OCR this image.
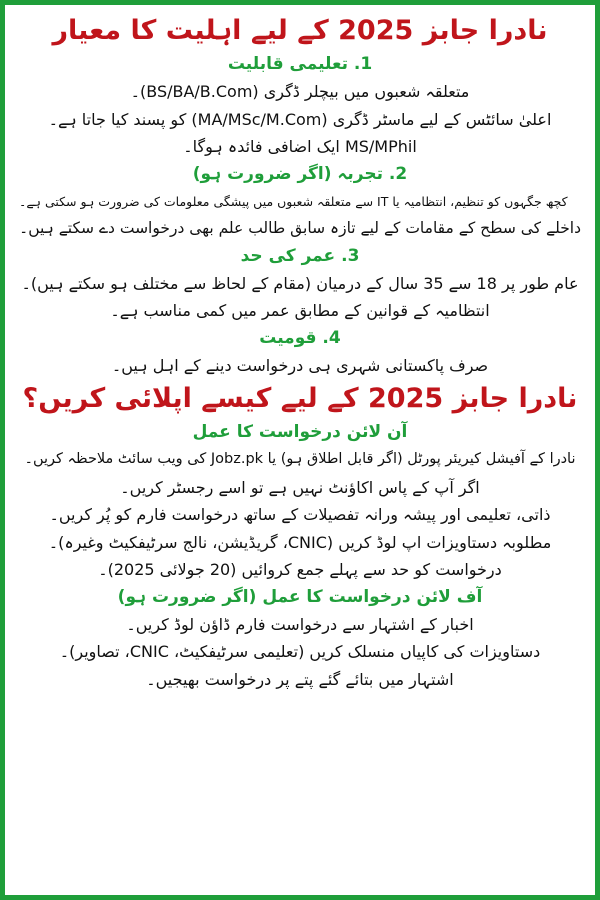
نادرا جابز 2025 کے لیے اہلیت کا معیار
1. تعلیمی قابلیت

متعلقہ شعبوں میں بیچلر ڈگری (BS/BA/B.Com)۔

اعلیٰ سائٹس کے لیے ماسٹر ڈگری (MA/MSc/M.Com) کو پسند کیا جاتا ہے۔

MS/MPhil ایک اضافی فائدہ ہوگا۔

2. تجربہ (اگر ضرورت ہو)

کچھ جگہوں کو تنظیم، انتظامیہ یا IT سے متعلقہ شعبوں میں پیشگی معلومات کی ضرورت ہو سکتی ہے۔

داخلے کی سطح کے مقامات کے لیے تازہ سابق طالب علم بھی درخواست دے سکتے ہیں۔

3. عمر کی حد

عام طور پر 18 سے 35 سال کے درمیان (مقام کے لحاظ سے مختلف ہو سکتے ہیں)۔

انتظامیہ کے قوانین کے مطابق عمر میں کمی مناسب ہے۔

4. قومیت

صرف پاکستانی شہری ہی درخواست دینے کے اہل ہیں۔

نادرا جابز 2025 کے لیے کیسے اپلائی کریں؟
آن لائن درخواست کا عمل

نادرا کے آفیشل کیریئر پورٹل (اگر قابل اطلاق ہو) یا Jobz.pk کی ویب سائٹ ملاحظہ کریں۔

اگر آپ کے پاس اکاؤنٹ نہیں ہے تو اسے رجسٹر کریں۔

ذاتی، تعلیمی اور پیشہ ورانہ تفصیلات کے ساتھ درخواست فارم کو پُر کریں۔

مطلوبہ دستاویزات اپ لوڈ کریں (CNIC، گریڈیشن، نالج سرٹیفکیٹ وغیرہ)۔

درخواست کو حد سے پہلے جمع کروائیں (20 جولائی 2025)۔

آف لائن درخواست کا عمل (اگر ضرورت ہو)

اخبار کے اشتہار سے درخواست فارم ڈاؤن لوڈ کریں۔

دستاویزات کی کاپیاں منسلک کریں (تعلیمی سرٹیفکیٹ، CNIC، تصاویر)۔

اشتہار میں بتائے گئے پتے پر درخواست بھیجیں۔
